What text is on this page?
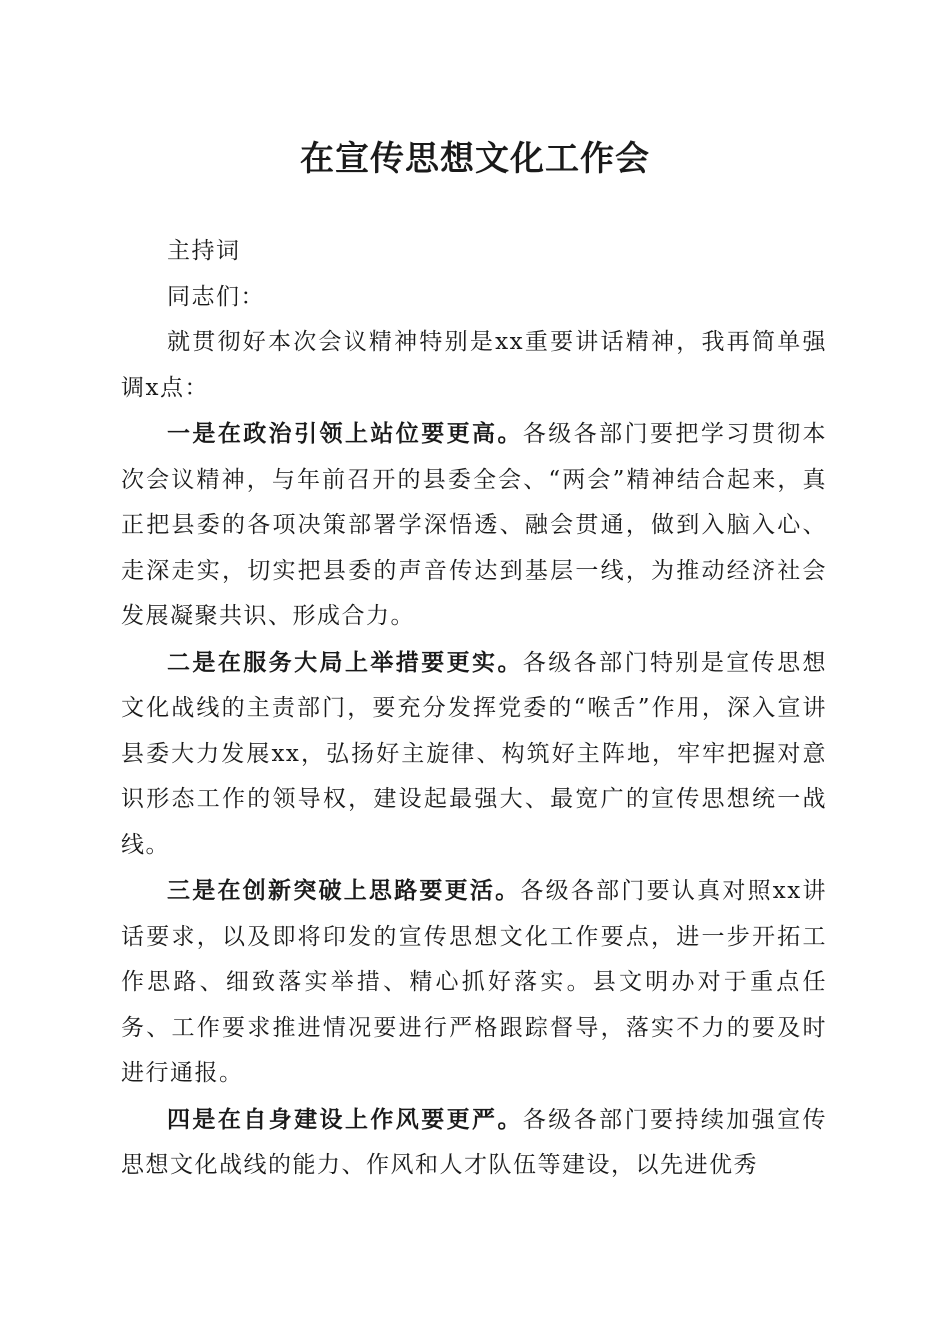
在宣传思想文化工作会

主持词

同志们：

就贯彻好本次会议精神特别是xx重要讲话精神，我再简单强调x点：

一是在政治引领上站位要更高。各级各部门要把学习贯彻本次会议精神，与年前召开的县委全会、“两会”精神结合起来，真正把县委的各项决策部署学深悟透、融会贯通，做到入脑入心、走深走实，切实把县委的声音传达到基层一线，为推动经济社会发展凝聚共识、形成合力。

二是在服务大局上举措要更实。各级各部门特别是宣传思想文化战线的主责部门，要充分发挥党委的“喉舌”作用，深入宣讲县委大力发展xx，弘扬好主旋律、构筑好主阵地，牢牢把握对意识形态工作的领导权，建设起最强大、最宽广的宣传思想统一战线。

三是在创新突破上思路要更活。各级各部门要认真对照xx讲话要求，以及即将印发的宣传思想文化工作要点，进一步开拓工作思路、细致落实举措、精心抓好落实。县文明办对于重点任务、工作要求推进情况要进行严格跟踪督导，落实不力的要及时进行通报。

四是在自身建设上作风要更严。各级各部门要持续加强宣传思想文化战线的能力、作风和人才队伍等建设，以先进优秀
